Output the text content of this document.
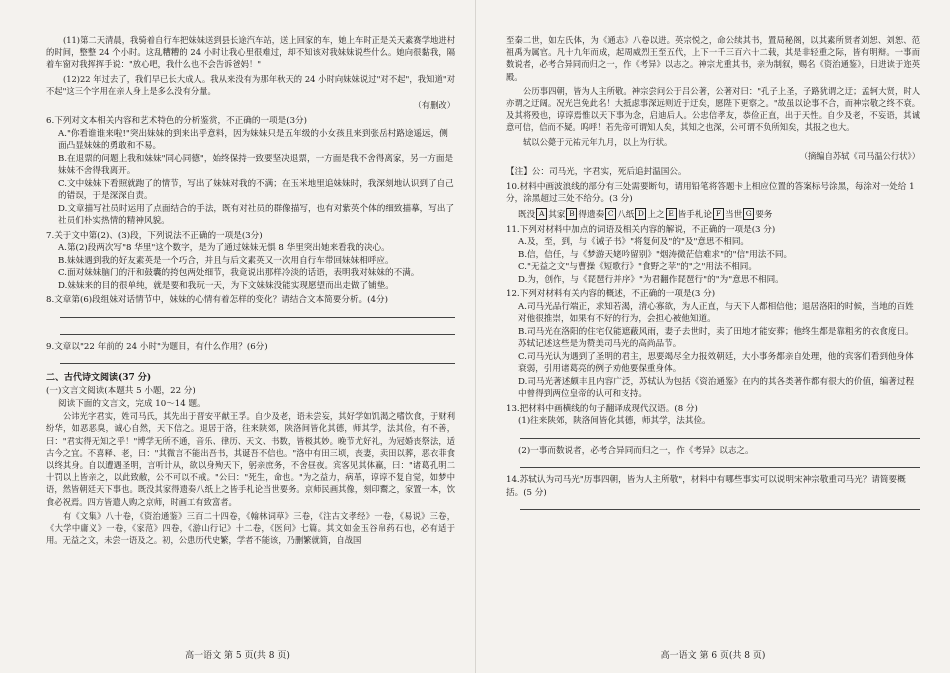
(11)第二天清晨，我骑着自行车把妹妹送到县长途汽车站，送上回家的车，她上车时正是关天素赛学地进村的时间，整整 24 个小时。这乱糟糟的 24 小时让我心里很难过，却不知该对我妹妹说些什么。她向很黏我，隔着车窗对我挥挥手说："放心吧，我什么也不会告诉爸妈！"

(12)22 年过去了，我们早已长大成人。我从来没有为那年秋天的 24 小时向妹妹说过"对不起"，我知道"对不起"这三个字用在亲人身上是多么没有分量。

（有删改）
6.下列对文本相关内容和艺术特色的分析鉴赏，不正确的一项是(3分)
A."你看谁谁来啦!"突出妹妹的到来出乎意料，因为妹妹只是五年级的小女孩且来到张岳村路途遥远，侧面凸显妹妹的勇敢和不易。
B.在退票的问题上我和妹妹"同心同德"，始终保持一致要坚决退票，一方面是我不舍得离家，另一方面是妹妹不舍得我离开。
C.文中妹妹下看照就跑了的情节，写出了妹妹对我的不满；在玉米地里追妹妹时，我深刻地认识到了自己的错误，于是深深自责。
D.文章描写社员时运用了点面结合的手法，既有对社员的群像描写，也有对紫英个体的细致描摹，写出了社员们朴实热情的精神风貌。
7.关于文中第(2)、(3)段，下列说法不正确的一项是(3分)
A.第(2)段两次写"8 华里"这个数字，是为了通过妹妹无惧 8 华里突出她来看我的决心。
B.妹妹遇到我的好友素英是一个巧合，并且与后文素英又一次用自行车带回妹妹相呼应。
C.面对妹妹脑门的汗和鼓囊的挎包两处细节，我竟说出那样冷淡的话语，表明我对妹妹的不满。
D.妹妹来的目的很单纯，就是要和我玩一天，为下文妹妹没能实现愿望而出走做了铺垫。
8.文章第(6)段组妹对话情节中，妹妹的心情有着怎样的变化？请结合文本简要分析。(4分)
9.文章以"22 年前的 24 小时"为题目，有什么作用？(6分)
二、古代诗文阅读(37 分)
(一)文言文阅读(本题共 5 小题，22 分)
阅读下面的文言文，完成 10～14 题。

公讳光字君实，姓司马氏，其先出于晋安平献王孚。自少及老，语未尝妄，其好学如饥渴之嗜饮食，于财利纷华，如恶恶臭，诚心自然，天下信之。退居于洛，往来陕郊，陕洛间皆化其德，师其学，法其俭，有不善，曰："君实得无知之乎！"博学无所不通，音乐、律历、天文、书数，皆极其妙。晚节尤好礼，为冠婚丧祭法，适古今之宜。不喜释、老，曰："其微言不能出吾书，其诞吾不信也。"洛中有田三顷，丧妻，卖田以葬，恶衣菲食以终其身。自以遭遇圣明，言听计从，欲以身殉天下，躬亲庶务，不舍昼夜。宾客见其体羸，曰："诸葛孔明二十罚以上皆亲之，以此致敝，公不可以不戒。"公曰："死生，命也。"为之益力，病革，谆谆不复自觉，如梦中语，然皆朝廷天下事也。既没其家得遗奏八纸上之皆手札论当世要务。京师民画其像，刻印鬻之，家置一本，饮食必祝焉。四方皆遣人购之京师，时画工有致富者。

有《文集》八十卷，《资治通鉴》三百二十四卷，《翰林词草》三卷，《注古文孝经》一卷，《易说》三卷，《大学中庸义》一卷，《家范》四卷，《游山行记》十二卷，《医问》七篇。其文如金玉谷帛药石也，必有适于用。无益之文，未尝一语及之。初，公患历代史繁，学者不能该，乃删繁就简，自战国

高一语文 第 5 页(共 8 页)

至秦二世，如左氏体，为《通志》八卷以进。英宗悦之，命公续其书，置局秘阁，以其素所贤者刘恕、刘恕、范祖禹为属官。凡十九年而成，起周威烈王至五代，上下一千三百六十二载，其是非轻重之际，皆有明辩。一事而数说者，必考合异同而归之一，作《考异》以志之。神宗尤重其书，亲为制叙，赐名《资治通鉴》，日进读于迩英殿。

公历事四朝，皆为人主所敬。神宗尝问公于吕公著，公著对曰："孔子上圣，子路犹谓之迂；孟轲大贤，时人亦谓之迂阔。况光岂免此名！大抵虑事深远则近于迂矣，愿陛下更察之。"故虽以论事不合，而神宗敬之终不衰。及其将殁也，谆谆焉惟以天下事为念，启迪后人。公忠信孝友，恭俭正直，出于天性。自少及老，不妄语，其诚意可信，信而不疑。呜呼！若先帝可谓知人矣，其知之也深，公可谓不负所知矣，其报之也大。

轼以公薨于元祐元年九月，以上为行状。

（摘编自苏轼《司马温公行状》）
【注】公：司马光，字君实，死后追封温国公。
10.材料中画波浪线的部分有三处需要断句，请用铅笔将答题卡上相应位置的答案标号涂黑，每涂对一处给 1 分，涂黑超过三处不给分。(3 分)
既没 A 其家 B 得遗奏 C 八纸 D 上之 E 皆手札论 F 当世 G 要务
11.下列对材料中加点的词语及相关内容的解说，不正确的一项是(3 分)
A.及，至，到，与《诫子书》"将复何及"的"及"意思不相同。
B.信，信任，与《梦游天姥吟留别》"烟涛微茫信难求"的"信"用法不同。
C."无益之文"与曹操《短歌行》"食野之苹"的"之"用法不相同。
D.为，创作，与《琵琶行并序》"为君翻作琵琶行"的"为"意思不相同。
12.下列对材料有关内容的概述，不正确的一项是(3 分)
A.司马光品行端正，求知若渴，清心寡欲，为人正直，与天下人都相信他；退居洛阳的时候，当地的百姓对他很推崇，如果有不好的行为，会担心被他知道。
B.司马光在洛阳的住宅仅能遮蔽风雨，妻子去世时，卖了田地才能安葬；他终生都是靠粗劣的衣食度日。苏轼记述这些是为赞美司马光的高尚品节。
C.司马光认为遇到了圣明的君主，思要竭尽全力报效朝廷，大小事务都亲自处理，他的宾客们看到他身体衰弱，引用诸葛亮的例子劝他要保重身体。
D.司马光著述颇丰且内容广泛，苏轼认为包括《资治通鉴》在内的其各类著作都有很大的价值，编著过程中曾得到两位皇帝的认可和支持。
13.把材料中画横线的句子翻译成现代汉语。(8 分)
(1)往来陕郊，陕洛间皆化其德，师其学，法其俭。
(2)一事而数说者，必考合异同而归之一，作《考异》以志之。
14.苏轼认为司马光"历事四朝，皆为人主所敬"，材料中有哪些事实可以说明宋神宗敬重司马光？请简要概括。(5 分)
高一语文 第 6 页(共 8 页)
